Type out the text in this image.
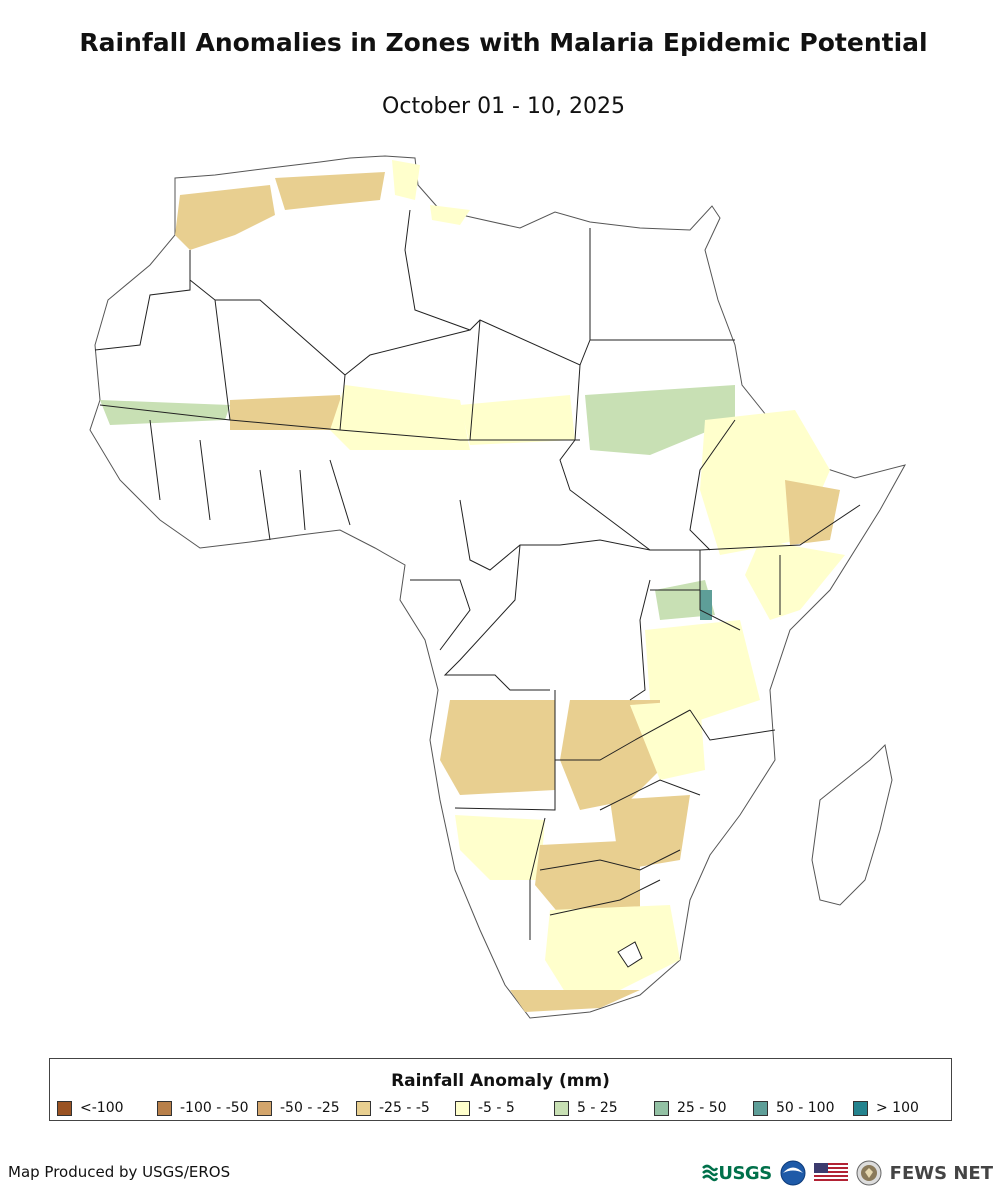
Rainfall Anomalies in Zones with Malaria Epidemic Potential
October 01 - 10, 2025
Rainfall Anomaly (mm)
<-100	-100 - -50 -50 - -25	-25 - -5	-5 - 5	5 - 25	25 - 50	50 - 100	> 100
Map Produced by USGS/EROS	USGS	FEWS NET
